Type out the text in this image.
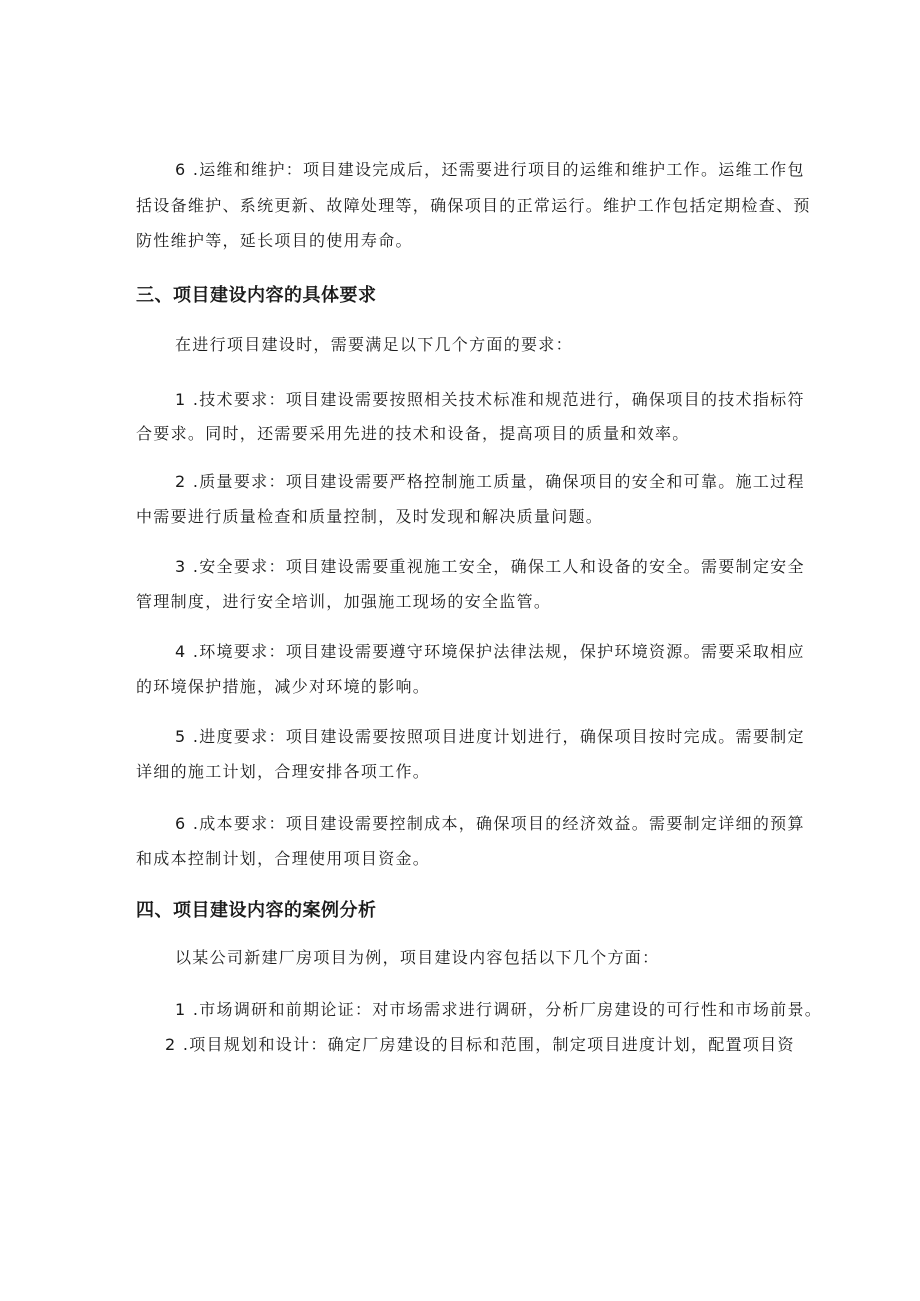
6 .运维和维护：项目建设完成后，还需要进行项目的运维和维护工作。运维工作包
括设备维护、系统更新、故障处理等，确保项目的正常运行。维护工作包括定期检查、预
防性维护等，延长项目的使用寿命。
三、项目建设内容的具体要求
在进行项目建设时，需要满足以下几个方面的要求：
1 .技术要求：项目建设需要按照相关技术标准和规范进行，确保项目的技术指标符
合要求。同时，还需要采用先进的技术和设备，提高项目的质量和效率。
2 .质量要求：项目建设需要严格控制施工质量，确保项目的安全和可靠。施工过程
中需要进行质量检查和质量控制，及时发现和解决质量问题。
3 .安全要求：项目建设需要重视施工安全，确保工人和设备的安全。需要制定安全
管理制度，进行安全培训，加强施工现场的安全监管。
4 .环境要求：项目建设需要遵守环境保护法律法规，保护环境资源。需要采取相应
的环境保护措施，减少对环境的影响。
5 .进度要求：项目建设需要按照项目进度计划进行，确保项目按时完成。需要制定
详细的施工计划，合理安排各项工作。
6 .成本要求：项目建设需要控制成本，确保项目的经济效益。需要制定详细的预算
和成本控制计划，合理使用项目资金。
四、项目建设内容的案例分析
以某公司新建厂房项目为例，项目建设内容包括以下几个方面：
1 .市场调研和前期论证：对市场需求进行调研，分析厂房建设的可行性和市场前景。
2 .项目规划和设计：确定厂房建设的目标和范围，制定项目进度计划，配置项目资
